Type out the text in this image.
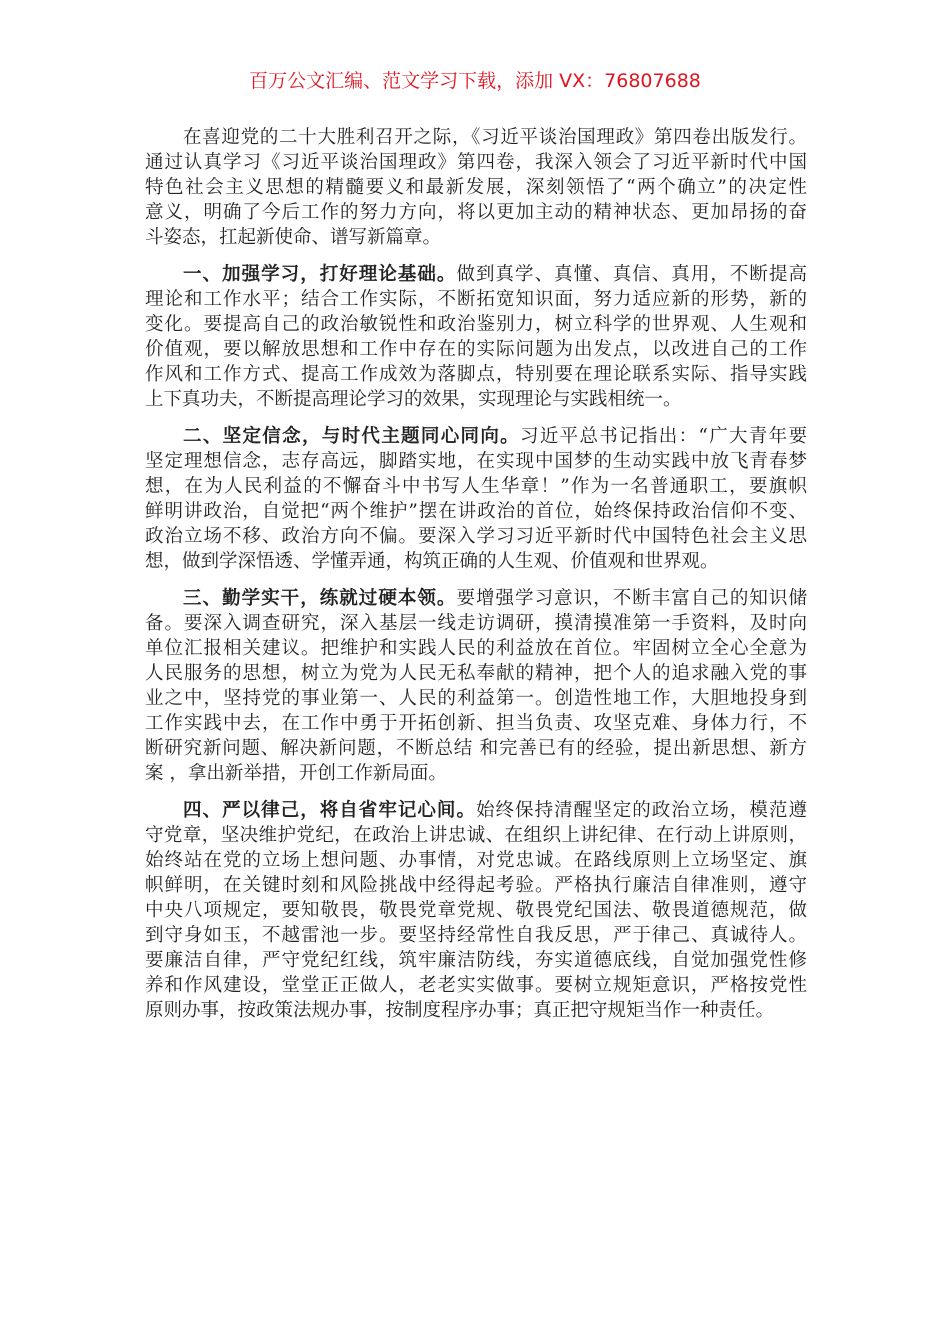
百万公文汇编、范文学习下载，添加 VX：76807688
在喜迎党的二十大胜利召开之际，《习近平谈治国理政》第四卷出版发行。
通过认真学习《习近平谈治国理政》第四卷，我深入领会了习近平新时代中国
特色社会主义思想的精髓要义和最新发展，深刻领悟了“两个确立”的决定性
意义，明确了今后工作的努力方向，将以更加主动的精神状态、更加昂扬的奋
斗姿态，扛起新使命、谱写新篇章。
一、加强学习，打好理论基础。做到真学、真懂、真信、真用，不断提高
理论和工作水平；结合工作实际，不断拓宽知识面，努力适应新的形势，新的
变化。要提高自己的政治敏锐性和政治鉴别力，树立科学的世界观、人生观和
价值观，要以解放思想和工作中存在的实际问题为出发点，以改进自己的工作
作风和工作方式、提高工作成效为落脚点，特别要在理论联系实际、指导实践
上下真功夫，不断提高理论学习的效果，实现理论与实践相统一。
二、坚定信念，与时代主题同心同向。习近平总书记指出：“广大青年要
坚定理想信念，志存高远，脚踏实地，在实现中国梦的生动实践中放飞青春梦
想，在为人民利益的不懈奋斗中书写人生华章！”作为一名普通职工，要旗帜
鲜明讲政治，自觉把“两个维护”摆在讲政治的首位，始终保持政治信仰不变、
政治立场不移、政治方向不偏。要深入学习习近平新时代中国特色社会主义思
想，做到学深悟透、学懂弄通，构筑正确的人生观、价值观和世界观。
三、勤学实干，练就过硬本领。要增强学习意识，不断丰富自己的知识储
备。要深入调查研究，深入基层一线走访调研，摸清摸准第一手资料，及时向
单位汇报相关建议。把维护和实践人民的利益放在首位。牢固树立全心全意为
人民服务的思想，树立为党为人民无私奉献的精神，把个人的追求融入党的事
业之中，坚持党的事业第一、人民的利益第一。创造性地工作，大胆地投身到
工作实践中去，在工作中勇于开拓创新、担当负责、攻坚克难、身体力行，不
断研究新问题、解决新问题，不断总结 和完善已有的经验，提出新思想、新方
案 ，拿出新举措，开创工作新局面。
四、严以律己，将自省牢记心间。始终保持清醒坚定的政治立场，模范遵
守党章，坚决维护党纪，在政治上讲忠诚、在组织上讲纪律、在行动上讲原则，
始终站在党的立场上想问题、办事情，对党忠诚。在路线原则上立场坚定、旗
帜鲜明，在关键时刻和风险挑战中经得起考验。严格执行廉洁自律准则，遵守
中央八项规定，要知敬畏，敬畏党章党规、敬畏党纪国法、敬畏道德规范，做
到守身如玉，不越雷池一步。要坚持经常性自我反思，严于律己、真诚待人。
要廉洁自律，严守党纪红线，筑牢廉洁防线，夯实道德底线，自觉加强党性修
养和作风建设，堂堂正正做人，老老实实做事。要树立规矩意识，严格按党性
原则办事，按政策法规办事，按制度程序办事；真正把守规矩当作一种责任。
